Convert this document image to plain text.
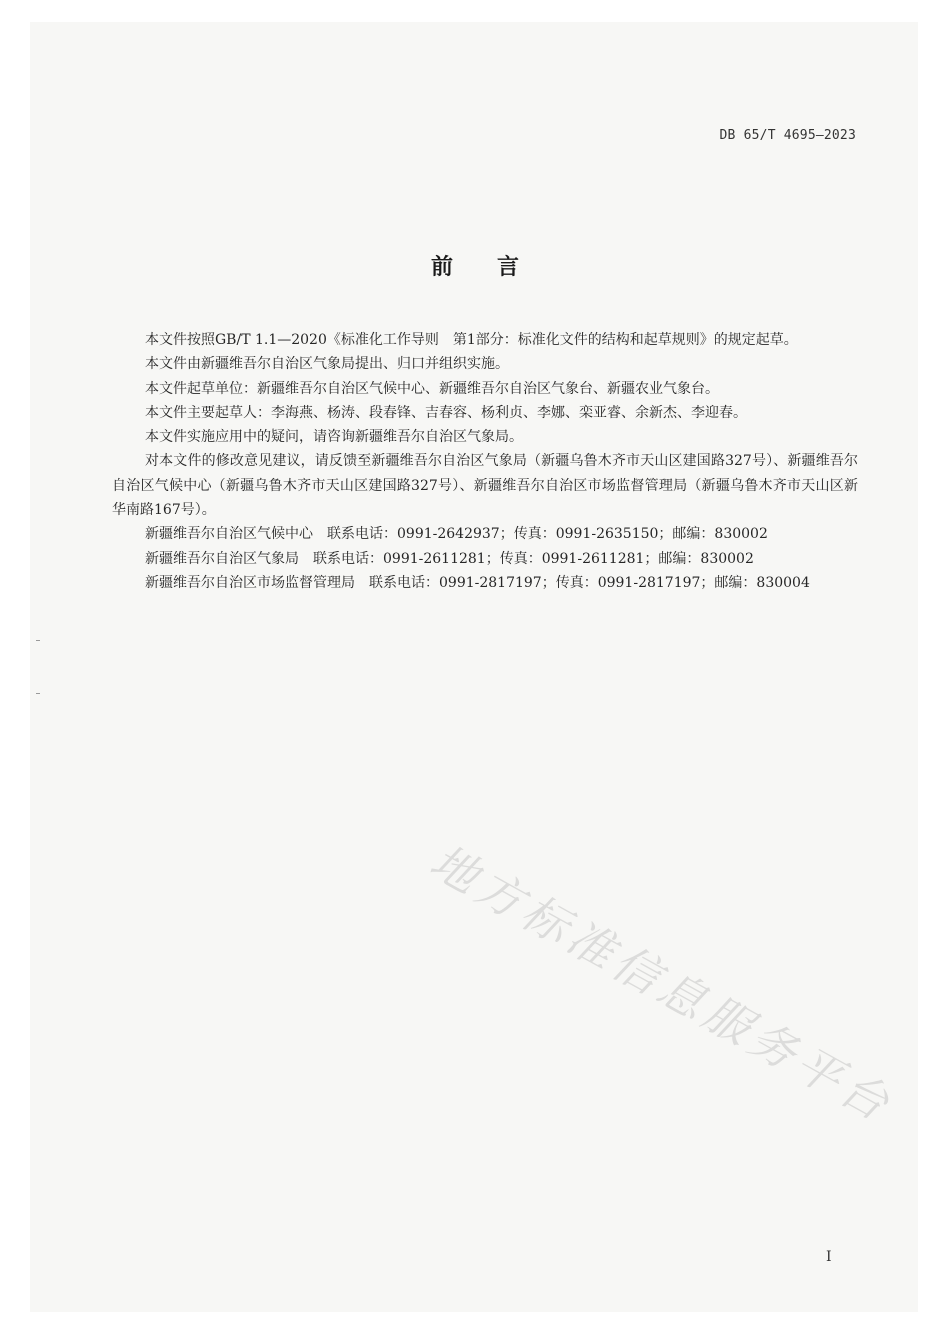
DB 65/T 4695—2023
前言

本文件按照GB/T 1.1—2020《标准化工作导则　第1部分：标准化文件的结构和起草规则》的规定起草。

本文件由新疆维吾尔自治区气象局提出、归口并组织实施。

本文件起草单位：新疆维吾尔自治区气候中心、新疆维吾尔自治区气象台、新疆农业气象台。

本文件主要起草人：李海燕、杨涛、段春锋、吉春容、杨利贞、李娜、栾亚睿、余新杰、李迎春。

本文件实施应用中的疑问，请咨询新疆维吾尔自治区气象局。

对本文件的修改意见建议，请反馈至新疆维吾尔自治区气象局（新疆乌鲁木齐市天山区建国路327号）、新疆维吾尔自治区气候中心（新疆乌鲁木齐市天山区建国路327号）、新疆维吾尔自治区市场监督管理局（新疆乌鲁木齐市天山区新华南路167号）。

新疆维吾尔自治区气候中心　联系电话：0991-2642937；传真：0991-2635150；邮编：830002

新疆维吾尔自治区气象局　联系电话：0991-2611281；传真：0991-2611281；邮编：830002

新疆维吾尔自治区市场监督管理局　联系电话：0991-2817197；传真：0991-2817197；邮编：830004

地方标准信息服务平台
I
